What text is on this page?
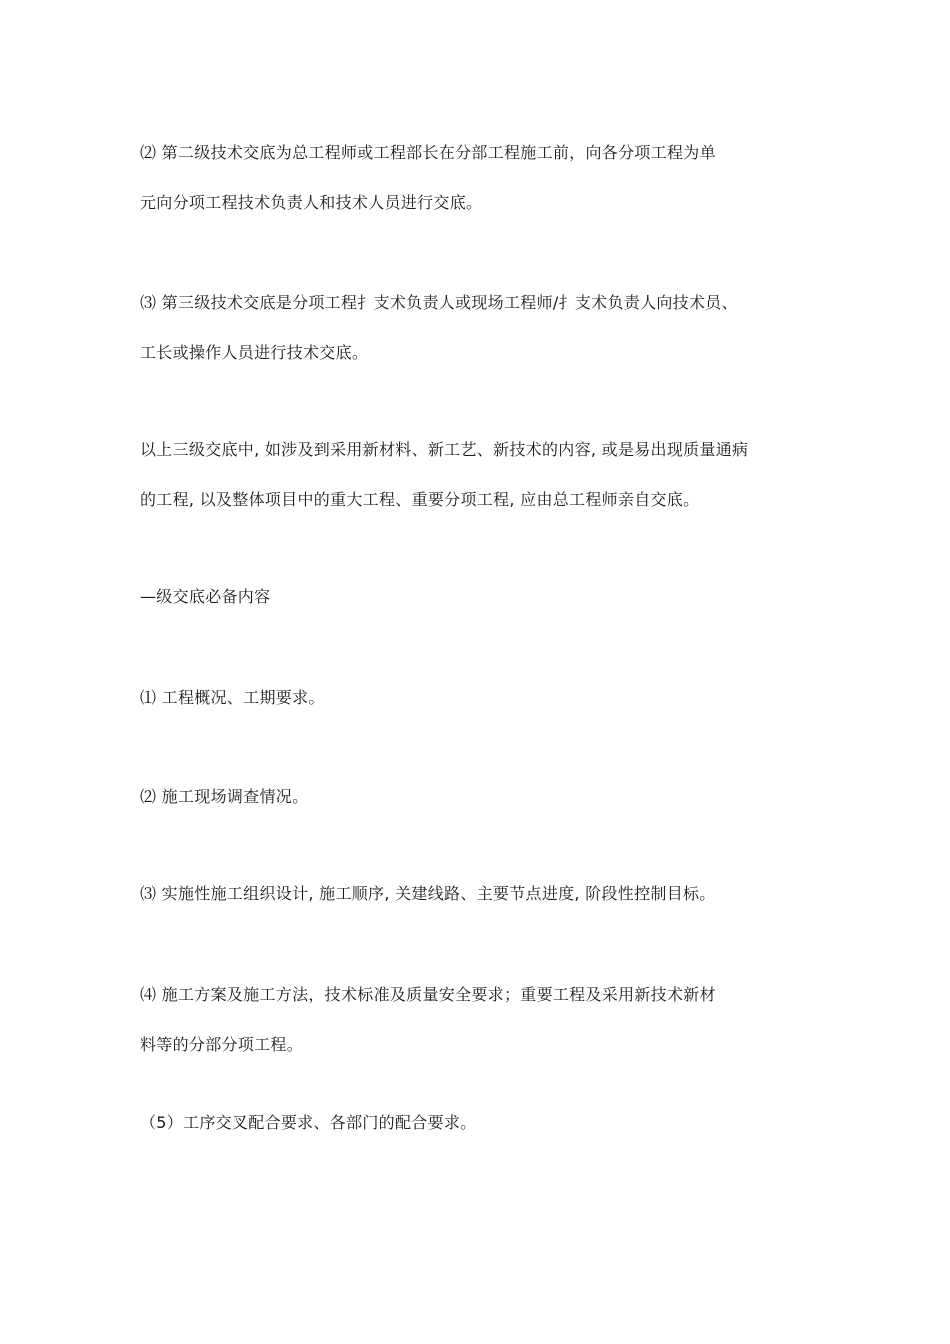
⑵ 第二级技术交底为总工程师或工程部长在分部工程施工前，向各分项工程为单
元向分项工程技术负责人和技术人员进行交底。
⑶ 第三级技术交底是分项工程扌支术负责人或现场工程师/扌支术负责人向技术员、
工长或操作人员进行技术交底。
以上三级交底中, 如涉及到采用新材料、新工艺、新技术的内容, 或是易出现质量通病
的工程, 以及整体项目中的重大工程、重要分项工程, 应由总工程师亲自交底。
—级交底必备内容
⑴ 工程概况、工期要求。
⑵ 施工现场调查情况。
⑶ 实施性施工组织设计, 施工顺序, 关建线路、主要节点进度, 阶段性控制目标。
⑷ 施工方案及施工方法，技术标准及质量安全要求；重要工程及采用新技术新材
料等的分部分项工程。
（5）工序交叉配合要求、各部门的配合要求。
